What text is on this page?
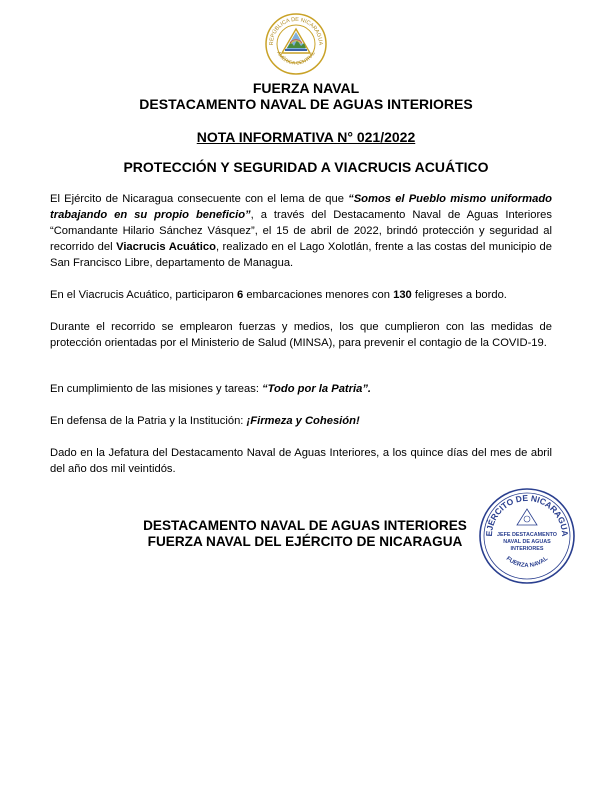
REPÚBLICA DE NICARAGUA
AMÉRICA CENTRAL
FUERZA NAVAL
DESTACAMENTO NAVAL DE AGUAS INTERIORES
NOTA INFORMATIVA N° 021/2022
PROTECCIÓN Y SEGURIDAD A VIACRUCIS ACUÁTICO
El Ejército de Nicaragua consecuente con el lema de que “Somos el Pueblo mismo uniformado trabajando en su propio beneficio”, a través del Destacamento Naval de Aguas Interiores “Comandante Hilario Sánchez Vásquez”, el 15 de abril de 2022, brindó protección y seguridad al recorrido del Viacrucis Acuático, realizado en el Lago Xolotlán, frente a las costas del municipio de San Francisco Libre, departamento de Managua.
En el Viacrucis Acuático, participaron 6 embarcaciones menores con 130 feligreses a bordo.
Durante el recorrido se emplearon fuerzas y medios, los que cumplieron con las medidas de protección orientadas por el Ministerio de Salud (MINSA), para prevenir el contagio de la COVID-19.
En cumplimiento de las misiones y tareas: “Todo por la Patria”.
En defensa de la Patria y la Institución: ¡Firmeza y Cohesión!
Dado en la Jefatura del Destacamento Naval de Aguas Interiores, a los quince días del mes de abril del año dos mil veintidós.
DESTACAMENTO NAVAL DE AGUAS INTERIORES
FUERZA NAVAL DEL EJÉRCITO DE NICARAGUA
EJÉRCITO DE NICARAGUA
FUERZA NAVAL
JEFE DESTACAMENTO
NAVAL DE AGUAS
INTERIORES
